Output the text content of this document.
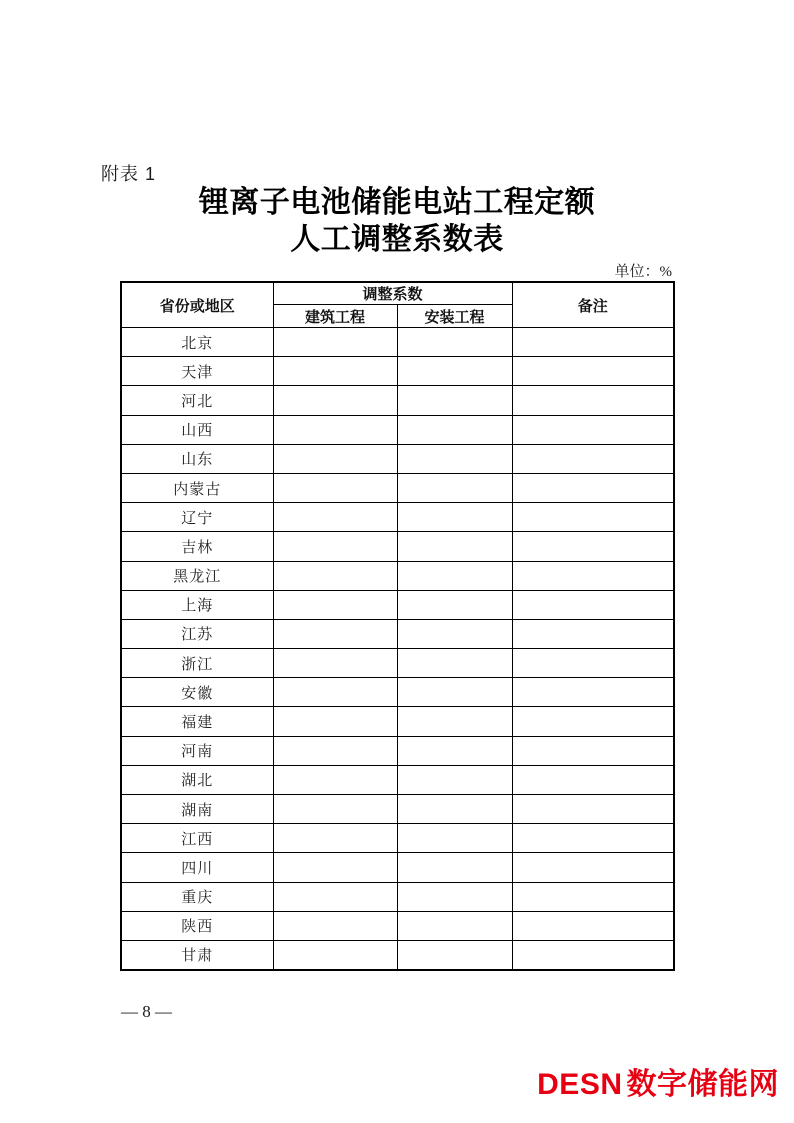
附表 1
锂离子电池储能电站工程定额
人工调整系数表
单位：%
省份或地区	调整系数		备注
	建筑工程	安装工程	
北京			
天津			
河北			
山西			
山东			
内蒙古			
辽宁			
吉林			
黑龙江			
上海			
江苏			
浙江			
安徽			
福建			
河南			
湖北			
湖南			
江西			
四川			
重庆			
陕西			
甘肃			
— 8 —
DESN 数字储能网
